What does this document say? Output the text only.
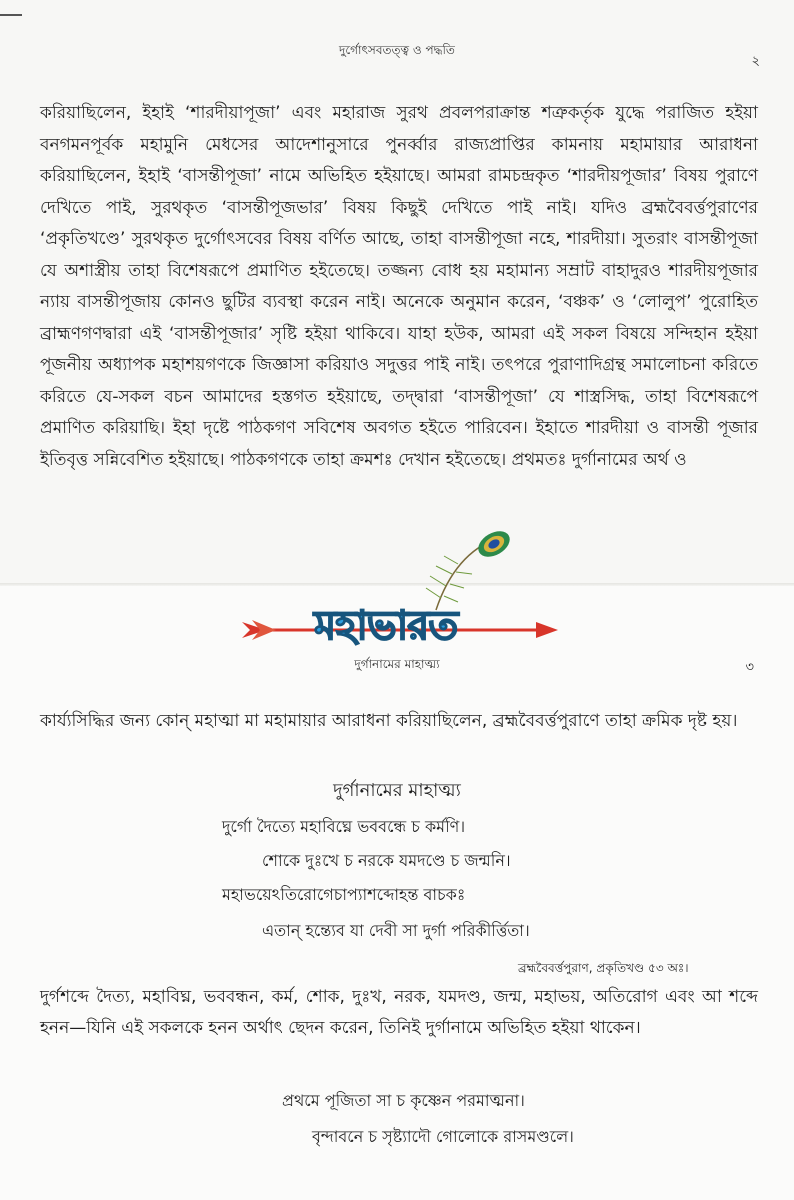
দুর্গোৎসবতত্ত্ব ও পদ্ধতি
২
করিয়াছিলেন, ইহাই ‘শারদীয়াপূজা’ এবং মহারাজ সুরথ প্রবলপরাক্রান্ত শত্রুকর্তৃক যুদ্ধে পরাজিত হইয়া বনগমনপূর্বক মহামুনি মেধসের আদেশানুসারে পুনর্ব্বার রাজ্যপ্রাপ্তির কামনায় মহামায়ার আরাধনা করিয়াছিলেন, ইহাই ‘বাসন্তীপূজা’ নামে অভিহিত হইয়াছে। আমরা রামচন্দ্রকৃত ‘শারদীয়পূজার’ বিষয় পুরাণে দেখিতে পাই, সুরথকৃত ‘বাসন্তীপূজভার’ বিষয় কিছুই দেখিতে পাই নাই। যদিও ব্রহ্মবৈবর্ত্তপুরাণের ‘প্রকৃতিখণ্ডে’ সুরথকৃত দুর্গোৎসবের বিষয় বর্ণিত আছে, তাহা বাসন্তীপূজা নহে, শারদীয়া। সুতরাং বাসন্তীপূজা যে অশাস্ত্রীয় তাহা বিশেষরূপে প্রমাণিত হইতেছে। তজ্জন্য বোধ হয় মহামান্য সম্রাট বাহাদুরও শারদীয়পূজার ন্যায় বাসন্তীপূজায় কোনও ছুটির ব্যবস্থা করেন নাই। অনেকে অনুমান করেন, ‘বঞ্চক’ ও ‘লোলুপ’ পুরোহিত ব্রাহ্মণগণদ্বারা এই ‘বাসন্তীপূজার’ সৃষ্টি হইয়া থাকিবে। যাহা হউক, আমরা এই সকল বিষয়ে সন্দিহান হইয়া পূজনীয় অধ্যাপক মহাশয়গণকে জিজ্ঞাসা করিয়াও সদুত্তর পাই নাই। তৎপরে পুরাণাদিগ্রন্থ সমালোচনা করিতে করিতে যে-সকল বচন আমাদের হস্তগত হইয়াছে, তদ্দ্বারা ‘বাসন্তীপূজা’ যে শাস্ত্রসিদ্ধ, তাহা বিশেষরূপে প্রমাণিত করিয়াছি। ইহা দৃষ্টে পাঠকগণ সবিশেষ অবগত হইতে পারিবেন। ইহাতে শারদীয়া ও বাসন্তী পূজার ইতিবৃত্ত সন্নিবেশিত হইয়াছে। পাঠকগণকে তাহা ক্রমশঃ দেখান হইতেছে। প্রথমতঃ দুর্গানামের অর্থ ও
মহাভারত
দুর্গানামের মাহাত্ম্য	৩
কার্য্যসিদ্ধির জন্য কোন্ মহাত্মা মা মহামায়ার আরাধনা করিয়াছিলেন, ব্রহ্মবৈবর্ত্তপুরাণে তাহা ক্রমিক দৃষ্ট হয়।
দুর্গানামের মাহাত্ম্য
দুর্গো দৈত্যে মহাবিঘ্নে ভববন্ধে চ কর্মণি।
শোকে দুঃখে চ নরকে যমদণ্ডে চ জন্মনি।
মহাভয়েঽতিরোগেচাপ্যাশব্দোহন্ত বাচকঃ
এতান্ হন্ত্যেব যা দেবী সা দুর্গা পরিকীর্ত্তিতা।
ব্রহ্মবৈবর্ত্তপুরাণ, প্রকৃতিখণ্ড ৫৩ অঃ।
দুর্গশব্দে দৈত্য, মহাবিঘ্ন, ভববন্ধন, কর্ম, শোক, দুঃখ, নরক, যমদণ্ড, জন্ম, মহাভয়, অতিরোগ এবং আ শব্দে হনন—যিনি এই সকলকে হনন অর্থাৎ ছেদন করেন, তিনিই দুর্গানামে অভিহিত হইয়া থাকেন।
প্রথমে পূজিতা সা চ কৃষ্ণেন পরমাত্মনা।
বৃন্দাবনে চ সৃষ্ট্যাদৌ গোলোকে রাসমণ্ডলে।
